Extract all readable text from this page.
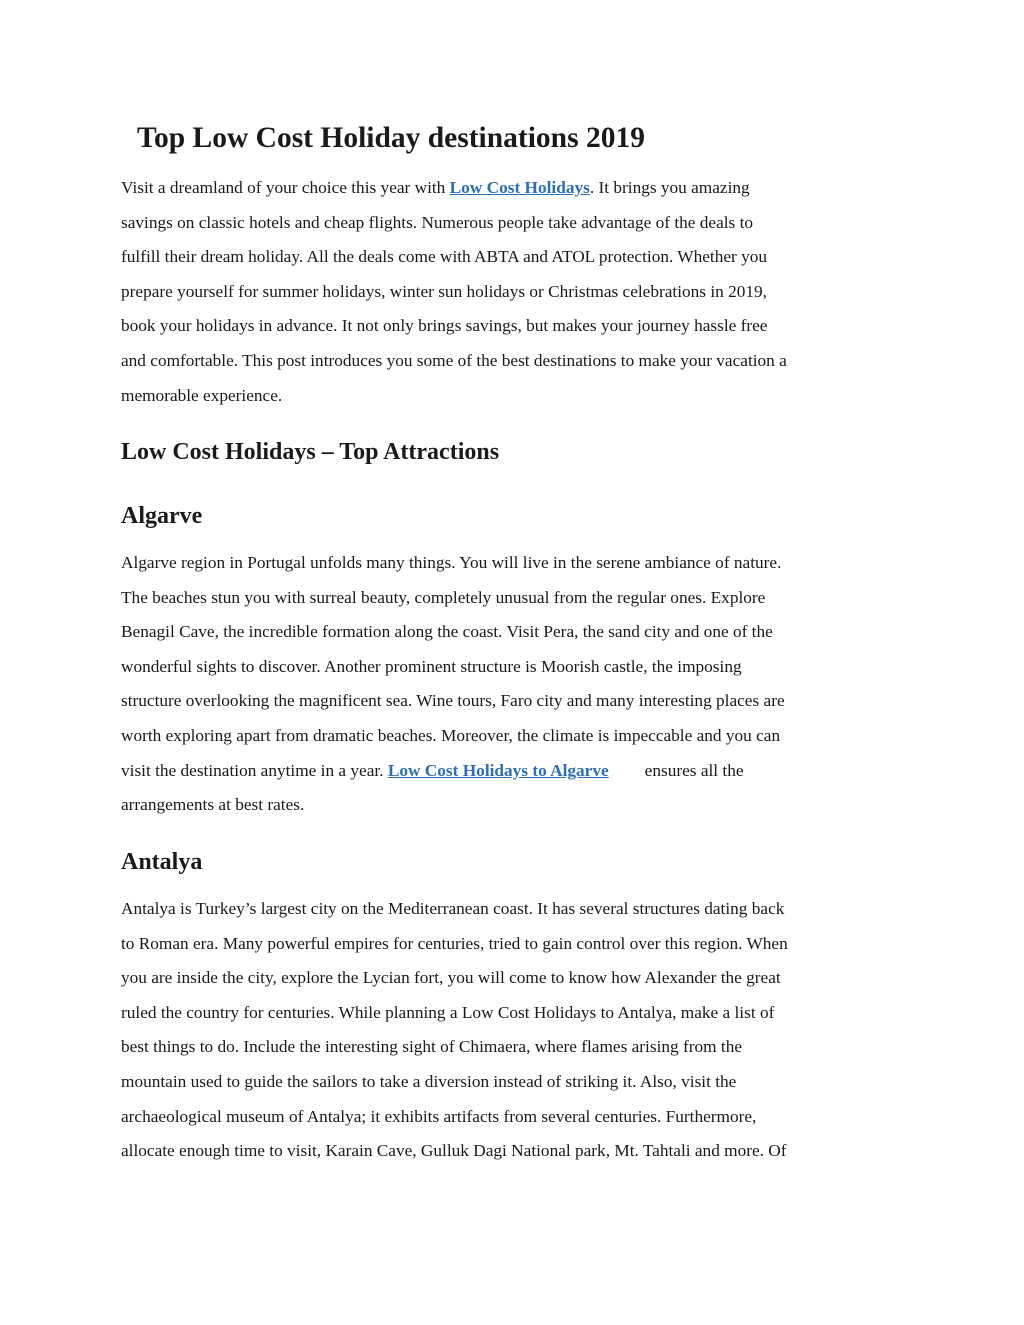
Top Low Cost Holiday destinations 2019

Visit a dreamland of your choice this year with Low Cost Holidays. It brings you amazing
savings on classic hotels and cheap flights. Numerous people take advantage of the deals to
fulfill their dream holiday. All the deals come with ABTA and ATOL protection. Whether you
prepare yourself for summer holidays, winter sun holidays or Christmas celebrations in 2019,
book your holidays in advance. It not only brings savings, but makes your journey hassle free
and comfortable. This post introduces you some of the best destinations to make your vacation a
memorable experience.

Low Cost Holidays – Top Attractions
Algarve

Algarve region in Portugal unfolds many things. You will live in the serene ambiance of nature.
The beaches stun you with surreal beauty, completely unusual from the regular ones. Explore
Benagil Cave, the incredible formation along the coast. Visit Pera, the sand city and one of the
wonderful sights to discover. Another prominent structure is Moorish castle, the imposing
structure overlooking the magnificent sea. Wine tours, Faro city and many interesting places are
worth exploring apart from dramatic beaches. Moreover, the climate is impeccable and you can
visit the destination anytime in a year. Low Cost Holidays to Algarve ensures all the
arrangements at best rates.

Antalya

Antalya is Turkey’s largest city on the Mediterranean coast. It has several structures dating back
to Roman era. Many powerful empires for centuries, tried to gain control over this region. When
you are inside the city, explore the Lycian fort, you will come to know how Alexander the great
ruled the country for centuries. While planning a Low Cost Holidays to Antalya, make a list of
best things to do. Include the interesting sight of Chimaera, where flames arising from the
mountain used to guide the sailors to take a diversion instead of striking it. Also, visit the
archaeological museum of Antalya; it exhibits artifacts from several centuries. Furthermore,
allocate enough time to visit, Karain Cave, Gulluk Dagi National park, Mt. Tahtali and more. Of
